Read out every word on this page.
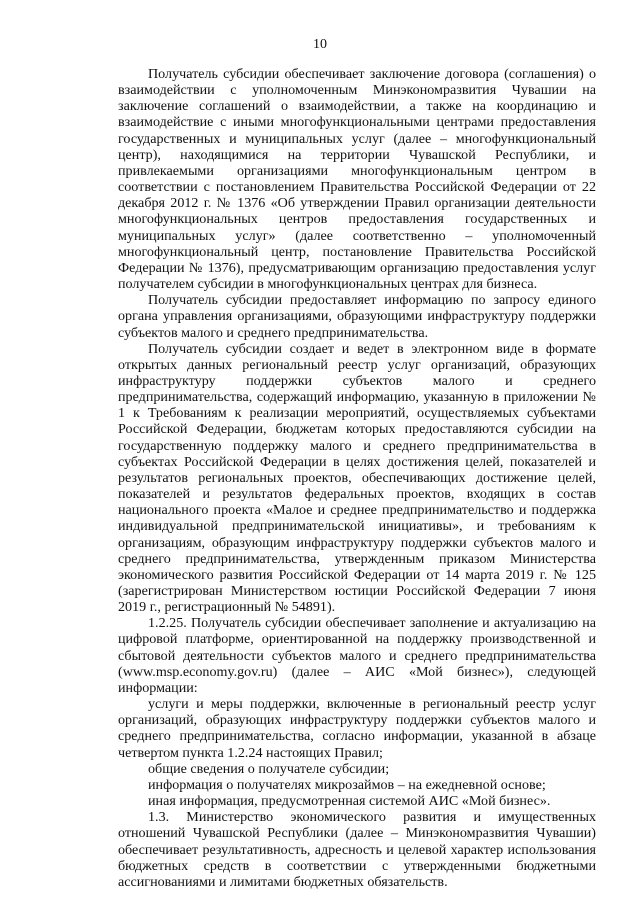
10

Получатель субсидии обеспечивает заключение договора (соглашения) о взаимодействии с уполномоченным Минэкономразвития Чувашии на заключение соглашений о взаимодействии, а также на координацию и взаимодействие с иными многофункциональными центрами предоставления государственных и муниципальных услуг (далее – многофункциональный центр), находящимися на территории Чувашской Республики, и привлекаемыми организациями многофункциональным центром в соответствии с постановлением Правительства Российской Федерации от 22 декабря 2012 г. № 1376 «Об утверждении Правил организации деятельности многофункциональных центров предоставления государственных и муниципальных услуг» (далее соответственно – уполномоченный многофункциональный центр, постановление Правительства Российской Федерации № 1376), предусматривающим организацию предоставления услуг получателем субсидии в многофункциональных центрах для бизнеса.

Получатель субсидии предоставляет информацию по запросу единого органа управления организациями, образующими инфраструктуру поддержки субъектов малого и среднего предпринимательства.

Получатель субсидии создает и ведет в электронном виде в формате открытых данных региональный реестр услуг организаций, образующих инфраструктуру поддержки субъектов малого и среднего предпринимательства, содержащий информацию, указанную в приложении № 1 к Требованиям к реализации мероприятий, осуществляемых субъектами Российской Федерации, бюджетам которых предоставляются субсидии на государственную поддержку малого и среднего предпринимательства в субъектах Российской Федерации в целях достижения целей, показателей и результатов региональных проектов, обеспечивающих достижение целей, показателей и результатов федеральных проектов, входящих в состав национального проекта «Малое и среднее предпринимательство и поддержка индивидуальной предпринимательской инициативы», и требованиям к организациям, образующим инфраструктуру поддержки субъектов малого и среднего предпринимательства, утвержденным приказом Министерства экономического развития Российской Федерации от 14 марта 2019 г. № 125 (зарегистрирован Министерством юстиции Российской Федерации 7 июня 2019 г., регистрационный № 54891).

1.2.25. Получатель субсидии обеспечивает заполнение и актуализацию на цифровой платформе, ориентированной на поддержку производственной и сбытовой деятельности субъектов малого и среднего предпринимательства (www.msp.economy.gov.ru) (далее – АИС «Мой бизнес»), следующей информации:

услуги и меры поддержки, включенные в региональный реестр услуг организаций, образующих инфраструктуру поддержки субъектов малого и среднего предпринимательства, согласно информации, указанной в абзаце четвертом пункта 1.2.24 настоящих Правил;
общие сведения о получателе субсидии;
информация о получателях микрозаймов – на ежедневной основе;
иная информация, предусмотренная системой АИС «Мой бизнес».

1.3. Министерство экономического развития и имущественных отношений Чувашской Республики (далее – Минэкономразвития Чувашии) обеспечивает результативность, адресность и целевой характер использования бюджетных средств в соответствии с утвержденными бюджетными ассигнованиями и лимитами бюджетных обязательств.
